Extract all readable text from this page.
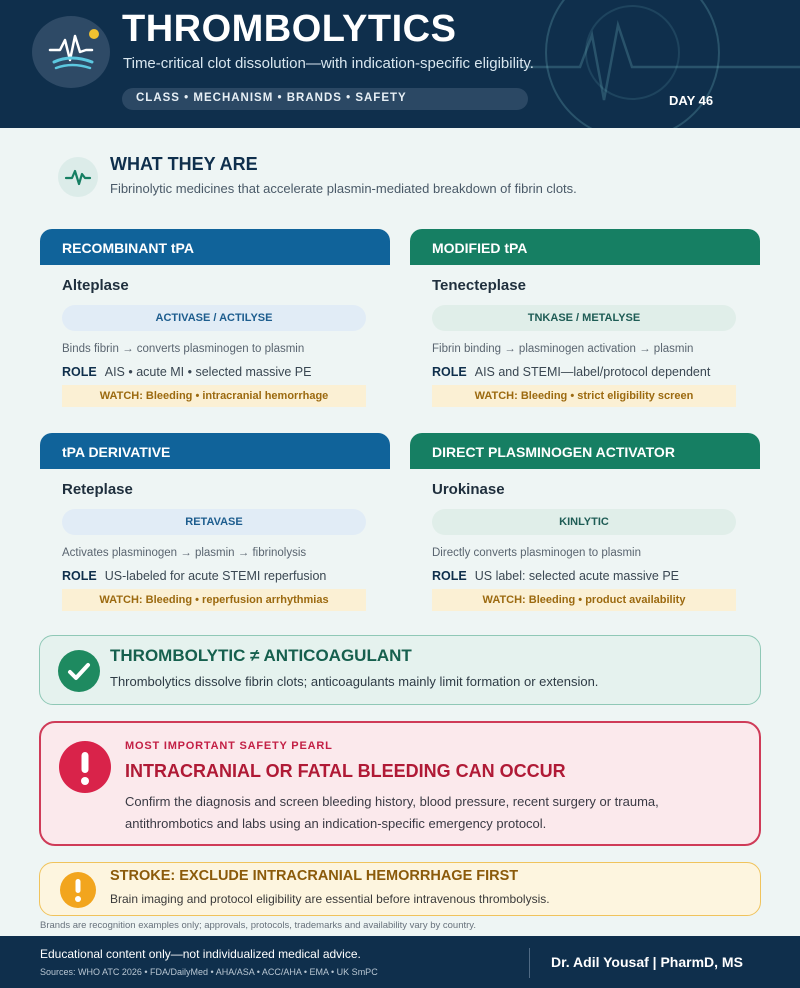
THROMBOLYTICS
Time-critical clot dissolution—with indication-specific eligibility.
CLASS • MECHANISM • BRANDS • SAFETY	DAY 46
WHAT THEY ARE
Fibrinolytic medicines that accelerate plasmin-mediated breakdown of fibrin clots.
RECOMBINANT tPA
Alteplase
ACTIVASE / ACTILYSE
Binds fibrin → converts plasminogen to plasmin
ROLE AIS • acute MI • selected massive PE
WATCH: Bleeding • intracranial hemorrhage
MODIFIED tPA
Tenecteplase
TNKASE / METALYSE
Fibrin binding → plasminogen activation → plasmin
ROLE AIS and STEMI—label/protocol dependent
WATCH: Bleeding • strict eligibility screen
tPA DERIVATIVE
Reteplase
RETAVASE
Activates plasminogen → plasmin → fibrinolysis
ROLE US-labeled for acute STEMI reperfusion
WATCH: Bleeding • reperfusion arrhythmias
DIRECT PLASMINOGEN ACTIVATOR
Urokinase
KINLYTIC
Directly converts plasminogen to plasmin
ROLE US label: selected acute massive PE
WATCH: Bleeding • product availability
THROMBOLYTIC ≠ ANTICOAGULANT
Thrombolytics dissolve fibrin clots; anticoagulants mainly limit formation or extension.
MOST IMPORTANT SAFETY PEARL
INTRACRANIAL OR FATAL BLEEDING CAN OCCUR
Confirm the diagnosis and screen bleeding history, blood pressure, recent surgery or trauma, antithrombotics and labs using an indication-specific emergency protocol.
STROKE: EXCLUDE INTRACRANIAL HEMORRHAGE FIRST
Brain imaging and protocol eligibility are essential before intravenous thrombolysis.
Brands are recognition examples only; approvals, protocols, trademarks and availability vary by country.
Educational content only—not individualized medical advice.
Sources: WHO ATC 2026 • FDA/DailyMed • AHA/ASA • ACC/AHA • EMA • UK SmPC
Dr. Adil Yousaf | PharmD, MS
